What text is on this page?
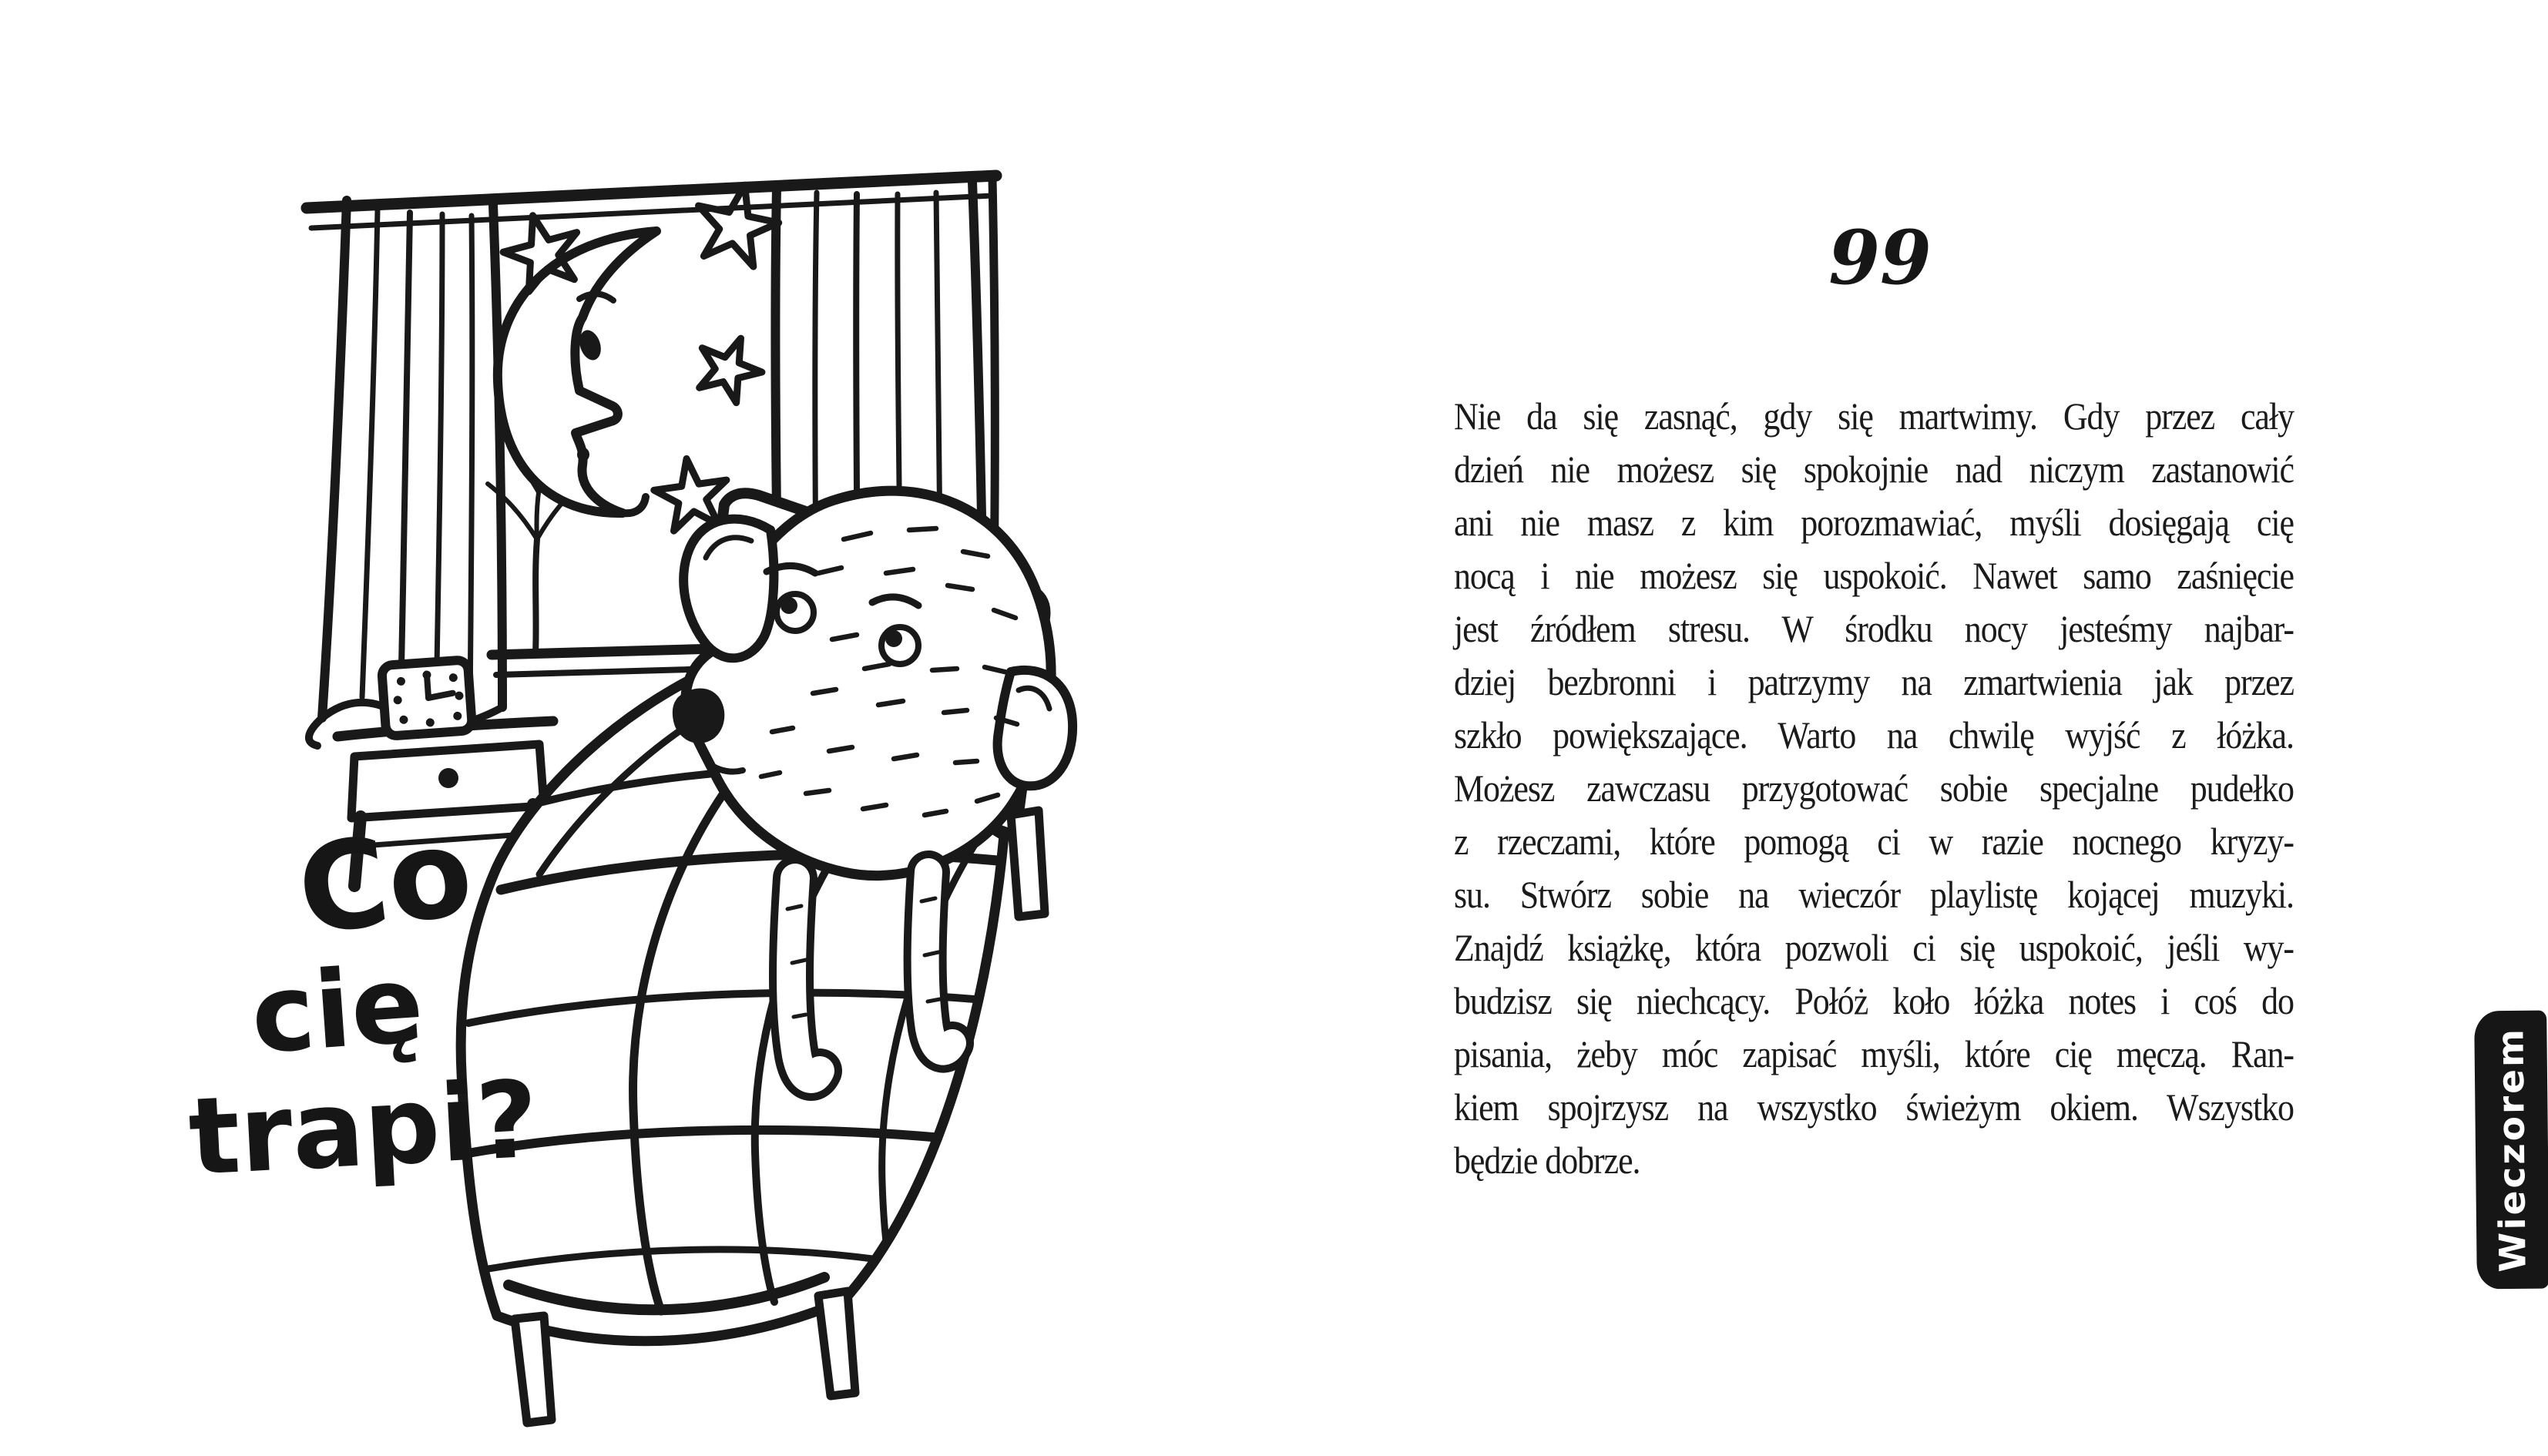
Co
cię
trapi?
99
Nie da się zasnąć, gdy się martwimy. Gdy przez cały
dzień nie możesz się spokojnie nad niczym zastanowić
ani nie masz z kim porozmawiać, myśli dosięgają cię
nocą i nie możesz się uspokoić. Nawet samo zaśnięcie
jest źródłem stresu. W środku nocy jesteśmy najbar-
dziej bezbronni i patrzymy na zmartwienia jak przez
szkło powiększające. Warto na chwilę wyjść z łóżka.
Możesz zawczasu przygotować sobie specjalne pudełko
z rzeczami, które pomogą ci w razie nocnego kryzy-
su. Stwórz sobie na wieczór playlistę kojącej muzyki.
Znajdź książkę, która pozwoli ci się uspokoić, jeśli wy-
budzisz się niechcący. Połóż koło łóżka notes i coś do
pisania, żeby móc zapisać myśli, które cię męczą. Ran-
kiem spojrzysz na wszystko świeżym okiem. Wszystko
będzie dobrze.	Wieczorem
